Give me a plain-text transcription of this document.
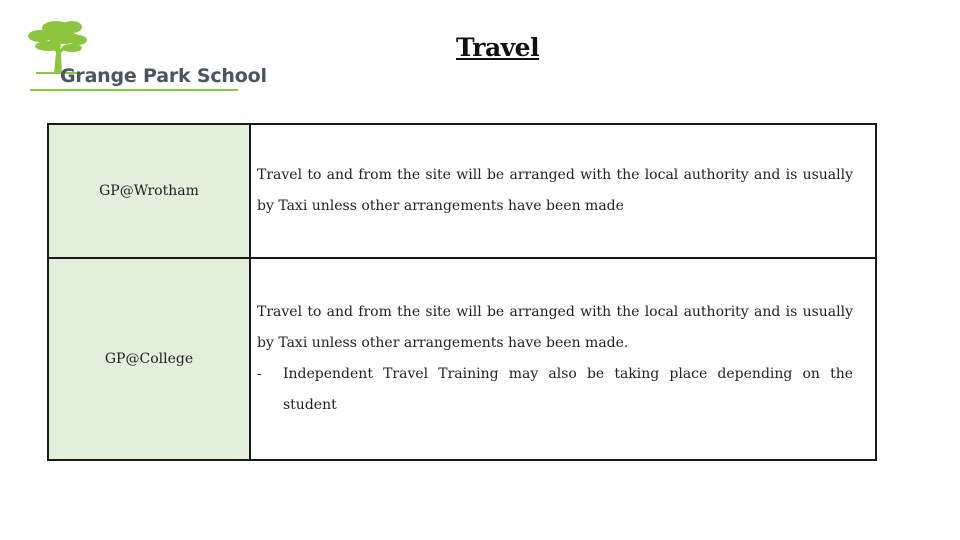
Grange Park School
Travel
GP@Wrotham	Travel to and from the site will be arranged with the local authority and is usually by Taxi unless other arrangements have been made
GP@College	Travel to and from the site will be arranged with the local authority and is usually by Taxi unless other arrangements have been made.
- Independent Travel Training may also be taking place depending on the student
